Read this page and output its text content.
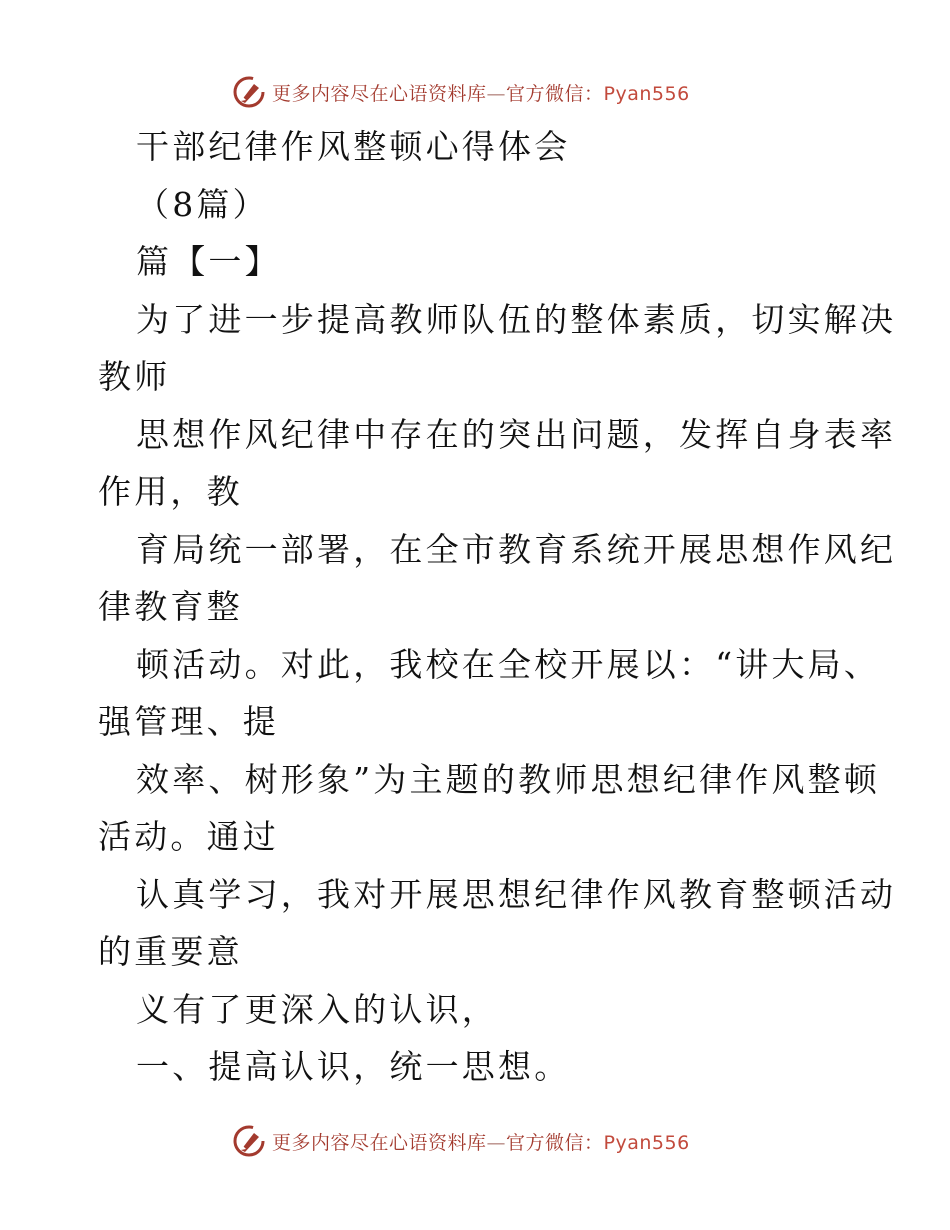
更多内容尽在心语资料库—官方微信：Pyan556
干部纪律作风整顿心得体会
（8篇）
篇【一】
为了进一步提高教师队伍的整体素质，切实解决
教师
思想作风纪律中存在的突出问题，发挥自身表率
作用，教
育局统一部署，在全市教育系统开展思想作风纪
律教育整
顿活动。对此，我校在全校开展以：“讲大局、
强管理、提
效率、树形象”为主题的教师思想纪律作风整顿
活动。通过
认真学习，我对开展思想纪律作风教育整顿活动
的重要意
义有了更深入的认识，
一、提高认识，统一思想。
更多内容尽在心语资料库—官方微信：Pyan556
